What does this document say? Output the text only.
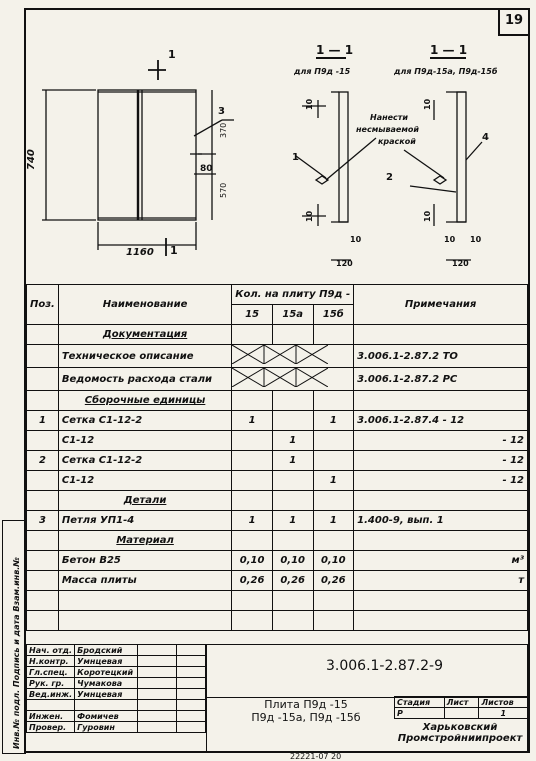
19
1160
740
370
570
80
3
1
1
1 — 1
для П9д -15
1
10
10
10
120
Нанести
несмываемой
краской
1 — 1
для П9д-15а, П9д-15б
4
2
10
10
10 10
120
Поз.	Наименование	Кол. на плиту П9д -			Примечания
		15	15а	15б	
	Документация				
	Техническое описание				3.006.1-2.87.2 ТО
	Ведомость расхода стали				3.006.1-2.87.2 РС
	Сборочные единицы				
1	Сетка С1-12-2	1		1	3.006.1-2.87.4 - 12
	С1-12		1		- 12
2	Сетка С1-12-2		1		- 12
	С1-12			1	- 12
	Детали				
3	Петля УП1-4	1	1	1	1.400-9, вып. 1
	Материал				
	Бетон В25	0,10	0,10	0,10	м³
	Масса плиты	0,26	0,26	0,26	т

Нач. отд.	Бродский		
Н.контр.	Умнцевая		
Гл.спец.	Коротецкий		
Рук. гр.	Чумакова		
Вед.инж.	Умнцевая		

Инжен.	Фомичев		
Провер.	Гуровин		

Стадия	Лист	Листов
Р		1
3.006.1-2.87.2-9
Плита П9д -15
П9д -15а, П9д -15б
Харьковский Промстройниипроект
Инв.№ подл. Подпись и дата Взам.инв.№
22221-07 20
